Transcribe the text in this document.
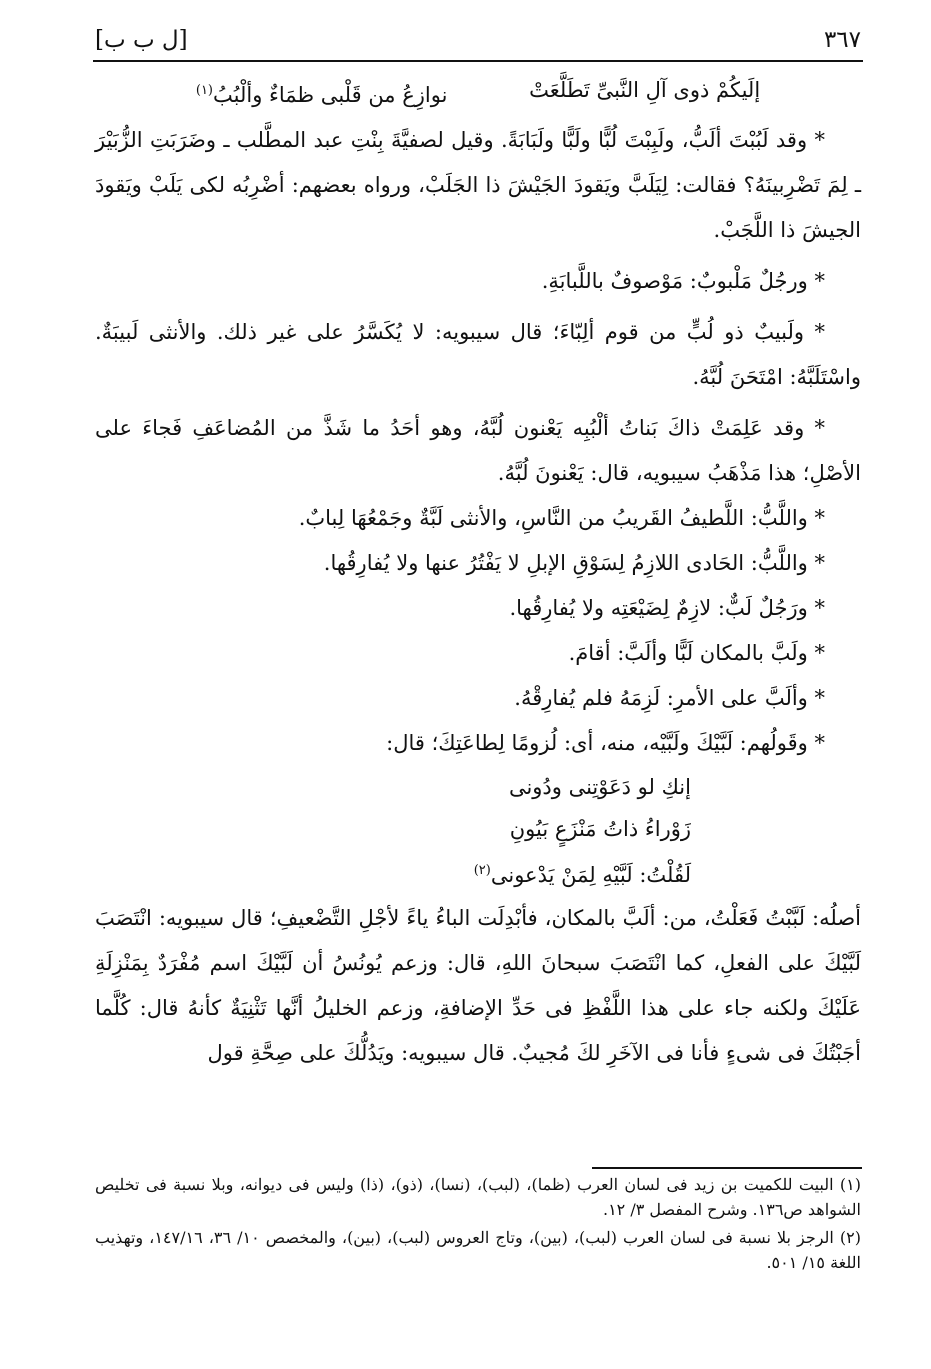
[ل ب ب]	٣٦٧
إلَيكُمْ ذوى آلِ النَّبىِّ تَطَلَّعَتْ
نوازِعُ من قَلْبى ظمَاءٌ وألْبُبُ$^{(١)}$

* وقد لَبُبْتَ ألَبُّ، ولَبِبْتَ لُبًّا ولَبًّا ولَبَابَةً. وقيل لصفيَّةَ بِنْتِ عبد المطَّلب ـ وضَرَبَتِ الزُّبَيْرَ ـ لِمَ تَضْرِبينَهُ؟ فقالت: لِيَلَبَّ ويَقودَ الجَيْشَ ذا الجَلَبْ، ورواه بعضهم: أضْرِبُه لكى يَلَبْ ويَقودَ الجيشَ ذا اللَّجَبْ.

* ورجُلٌ مَلْبوبٌ: مَوْصوفٌ باللَّبابَةِ.

* ولَبيبٌ ذو لُبٍّ من قوم ألِبّاءَ؛ قال سيبويه: لا يُكَسَّرُ على غير ذلك. والأنثى لَبيبَةٌ. واسْتَلَبَّهُ: امْتَحَنَ لُبَّهُ.

* وقد عَلِمَتْ ذاكَ بَناتُ ألْبُبِه يَعْنون لُبَّهُ، وهو أحَدُ ما شَذَّ من المُضاعَفِ فَجاءَ على الأصْلِ؛ هذا مَذْهَبُ سيبويه، قال: يَعْنونَ لُبَّهُ.

* واللَّبُّ: اللَّطيفُ القَريبُ من النَّاسِ، والأنثى لَبَّةٌ وجَمْعُهَا لِبابٌ.

* واللَّبُّ: الحَادى اللازِمُ لِسَوْقِ الإبلِ لا يَفْتُرُ عنها ولا يُفارِقُها.

* ورَجُلٌ لَبٌّ: لازِمٌ لِضَيْعَتِه ولا يُفارِقُها.

* ولَبَّ بالمكان لَبًّا وألَبَّ: أقامَ.

* وألَبَّ على الأمرِ: لَزِمَهُ فلم يُفارِقْهُ.

* وقَولُهم: لَبَّيْكَ ولَبَّيْه، منه، أى: لُزومًا لِطاعَتِكَ؛ قال:

إنكِ لو دَعَوْتِنى ودُونى
زَوْراءُ ذاتُ مَنْزَعٍ بَيُونِ
لَقُلْتُ: لَبَّيْهِ لِمَنْ يَدْعونى$^{(٢)}$

أصلُه: لَبَّبْتُ فَعَلْتُ، من: ألَبَّ بالمكان، فأبْدِلَت الباءُ ياءً لأجْلِ التَّضْعيفِ؛ قال سيبويه: انْتَصَبَ لَبَّيْكَ على الفعلِ، كما انْتَصَبَ سبحانَ اللهِ، قال: وزعم يُونُسُ أن لَبَّيْكَ اسم مُفْرَدٌ بِمَنْزِلَةِ عَلَيْكَ ولكنه جاء على هذا اللَّفْظِ فى حَدِّ الإضافةِ، وزعم الخليلُ أنَّها تَثْنِيَةٌ كأنهُ قال: كُلَّما أجَبْتُكَ فى شىءٍ فأنا فى الآخَرِ لكَ مُجيبٌ. قال سيبويه: ويَدُلُّكَ على صِحَّةِ قول

(١) البيت للكميت بن زيد فى لسان العرب (ظما)، (لبب)، (نسا)، (ذو)، (ذا) وليس فى ديوانه، وبلا نسبة فى تخليص الشواهد ص١٣٦. وشرح المفصل ٣/ ١٢.

(٢) الرجز بلا نسبة فى لسان العرب (لبب)، (بين)، وتاج العروس (لبب)، (بين)، والمخصص ١٠/ ٣٦، ١٤٧/١٦، وتهذيب اللغة ١٥/ ٥٠١.
